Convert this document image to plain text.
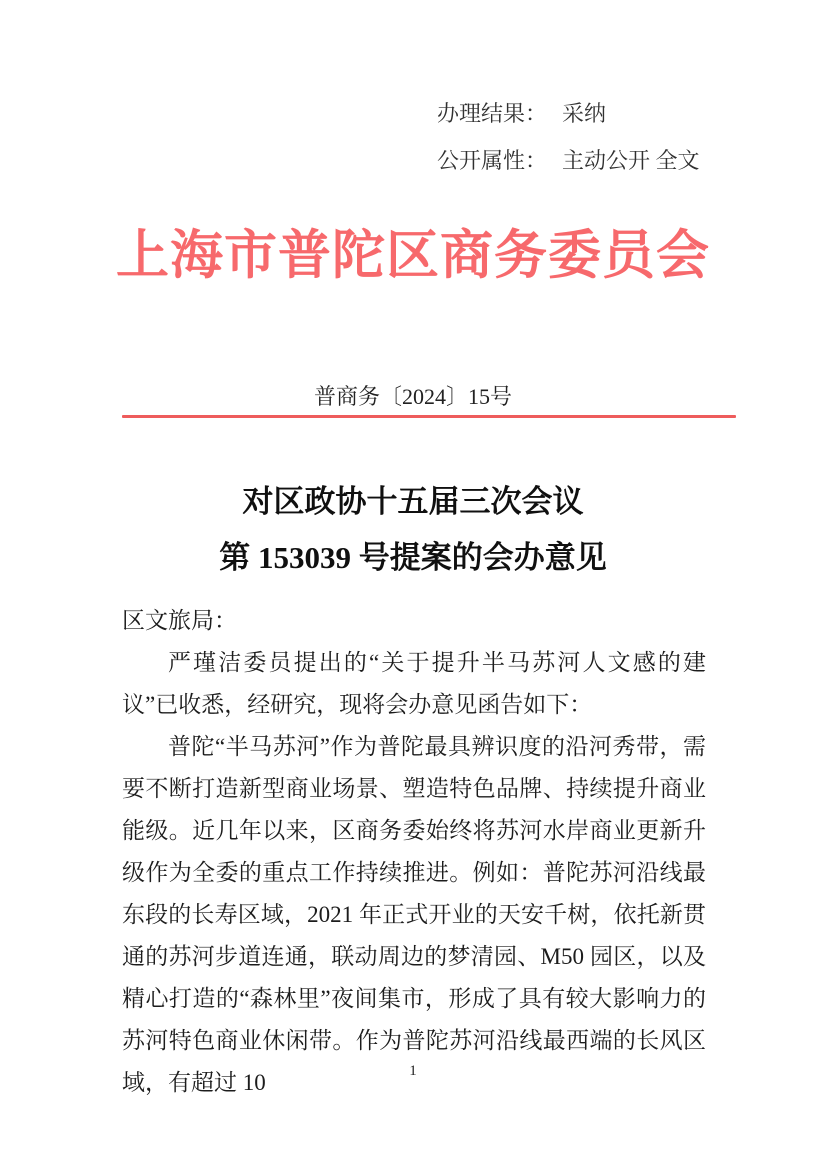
办理结果： 采纳
公开属性： 主动公开 全文
上海市普陀区商务委员会
普商务〔2024〕15号
对区政协十五届三次会议
第 153039 号提案的会办意见

区文旅局：

严瑾洁委员提出的“关于提升半马苏河人文感的建议”已收悉，经研究，现将会办意见函告如下：

普陀“半马苏河”作为普陀最具辨识度的沿河秀带，需要不断打造新型商业场景、塑造特色品牌、持续提升商业能级。近几年以来，区商务委始终将苏河水岸商业更新升级作为全委的重点工作持续推进。例如：普陀苏河沿线最东段的长寿区域，2021 年正式开业的天安千树，依托新贯通的苏河步道连通，联动周边的梦清园、M50 园区，以及精心打造的“森林里”夜间集市，形成了具有较大影响力的苏河特色商业休闲带。作为普陀苏河沿线最西端的长风区域，有超过 10	1
